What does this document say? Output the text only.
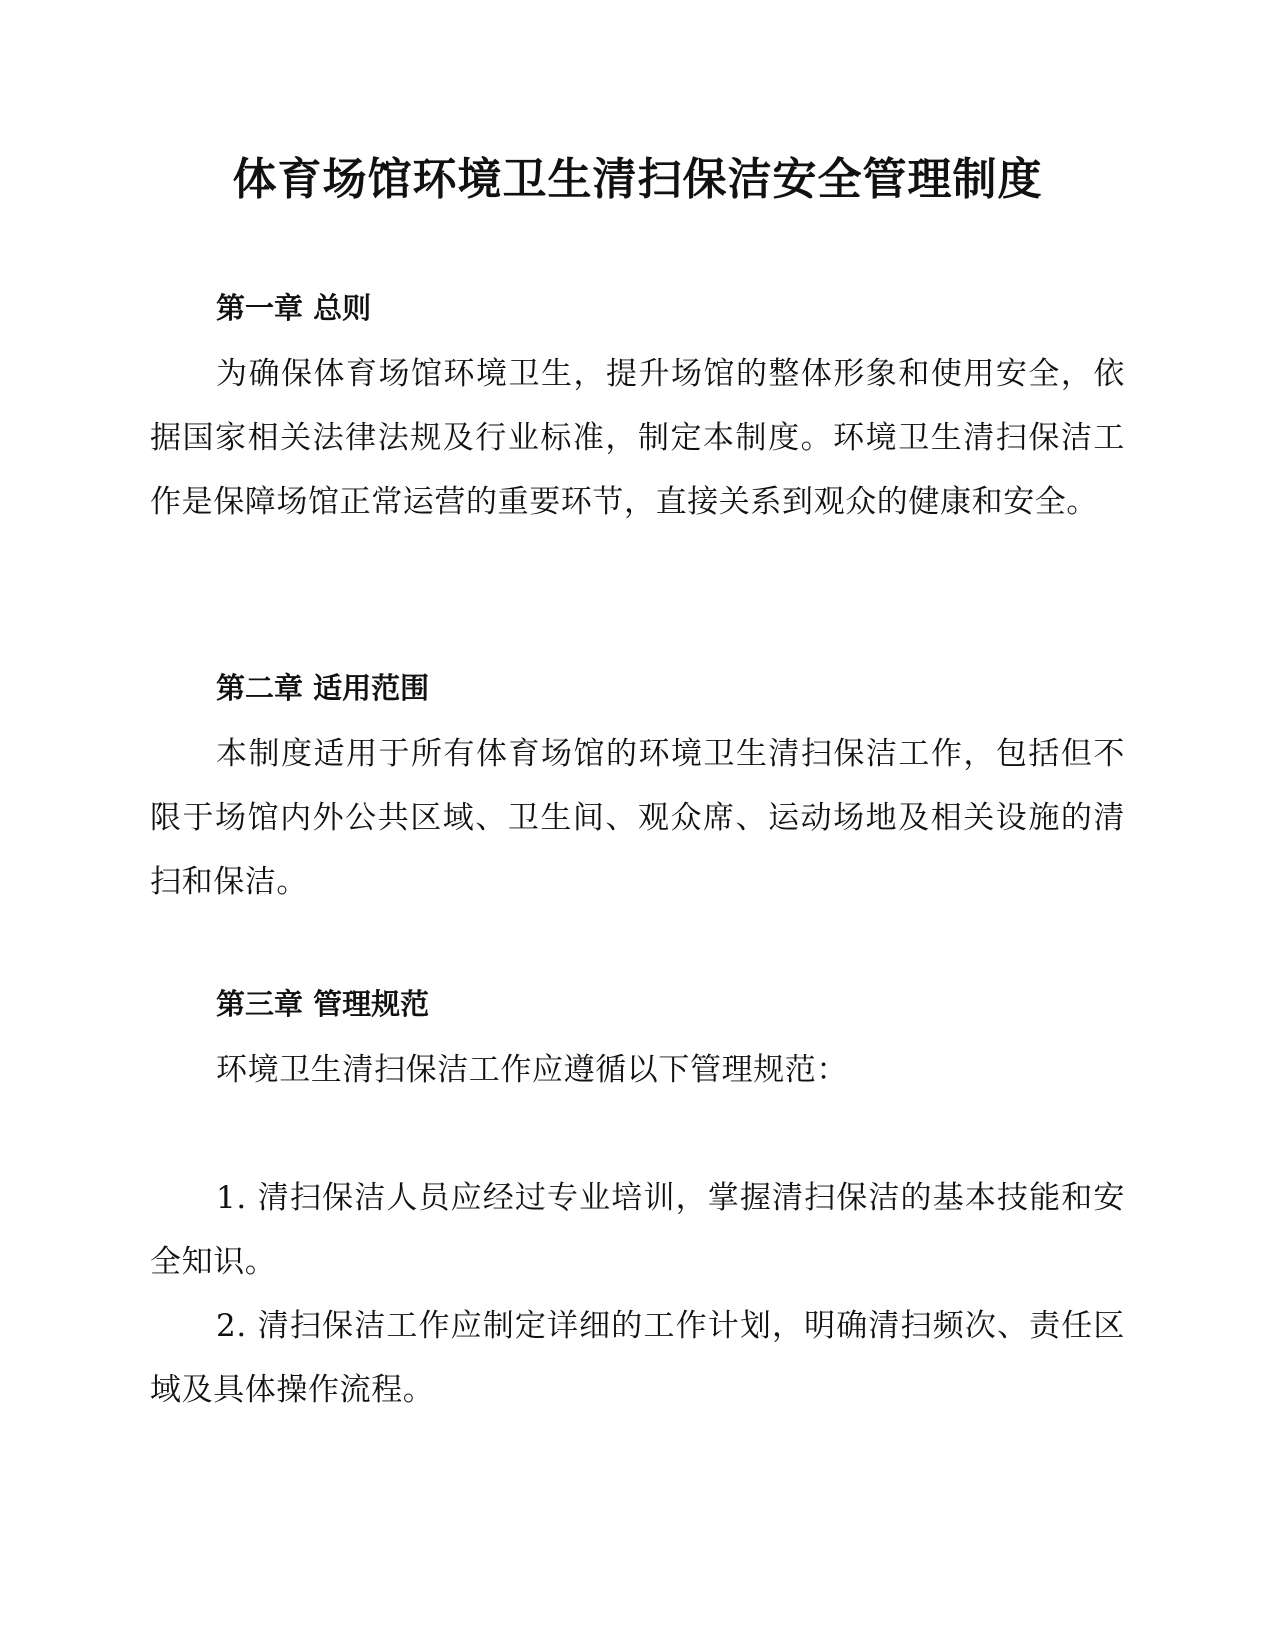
体育场馆环境卫生清扫保洁安全管理制度
第一章 总则

为确保体育场馆环境卫生，提升场馆的整体形象和使用安全，依据国家相关法律法规及行业标准，制定本制度。环境卫生清扫保洁工作是保障场馆正常运营的重要环节，直接关系到观众的健康和安全。

第二章 适用范围

本制度适用于所有体育场馆的环境卫生清扫保洁工作，包括但不限于场馆内外公共区域、卫生间、观众席、运动场地及相关设施的清扫和保洁。

第三章 管理规范

环境卫生清扫保洁工作应遵循以下管理规范：

1. 清扫保洁人员应经过专业培训，掌握清扫保洁的基本技能和安全知识。

2. 清扫保洁工作应制定详细的工作计划，明确清扫频次、责任区域及具体操作流程。
